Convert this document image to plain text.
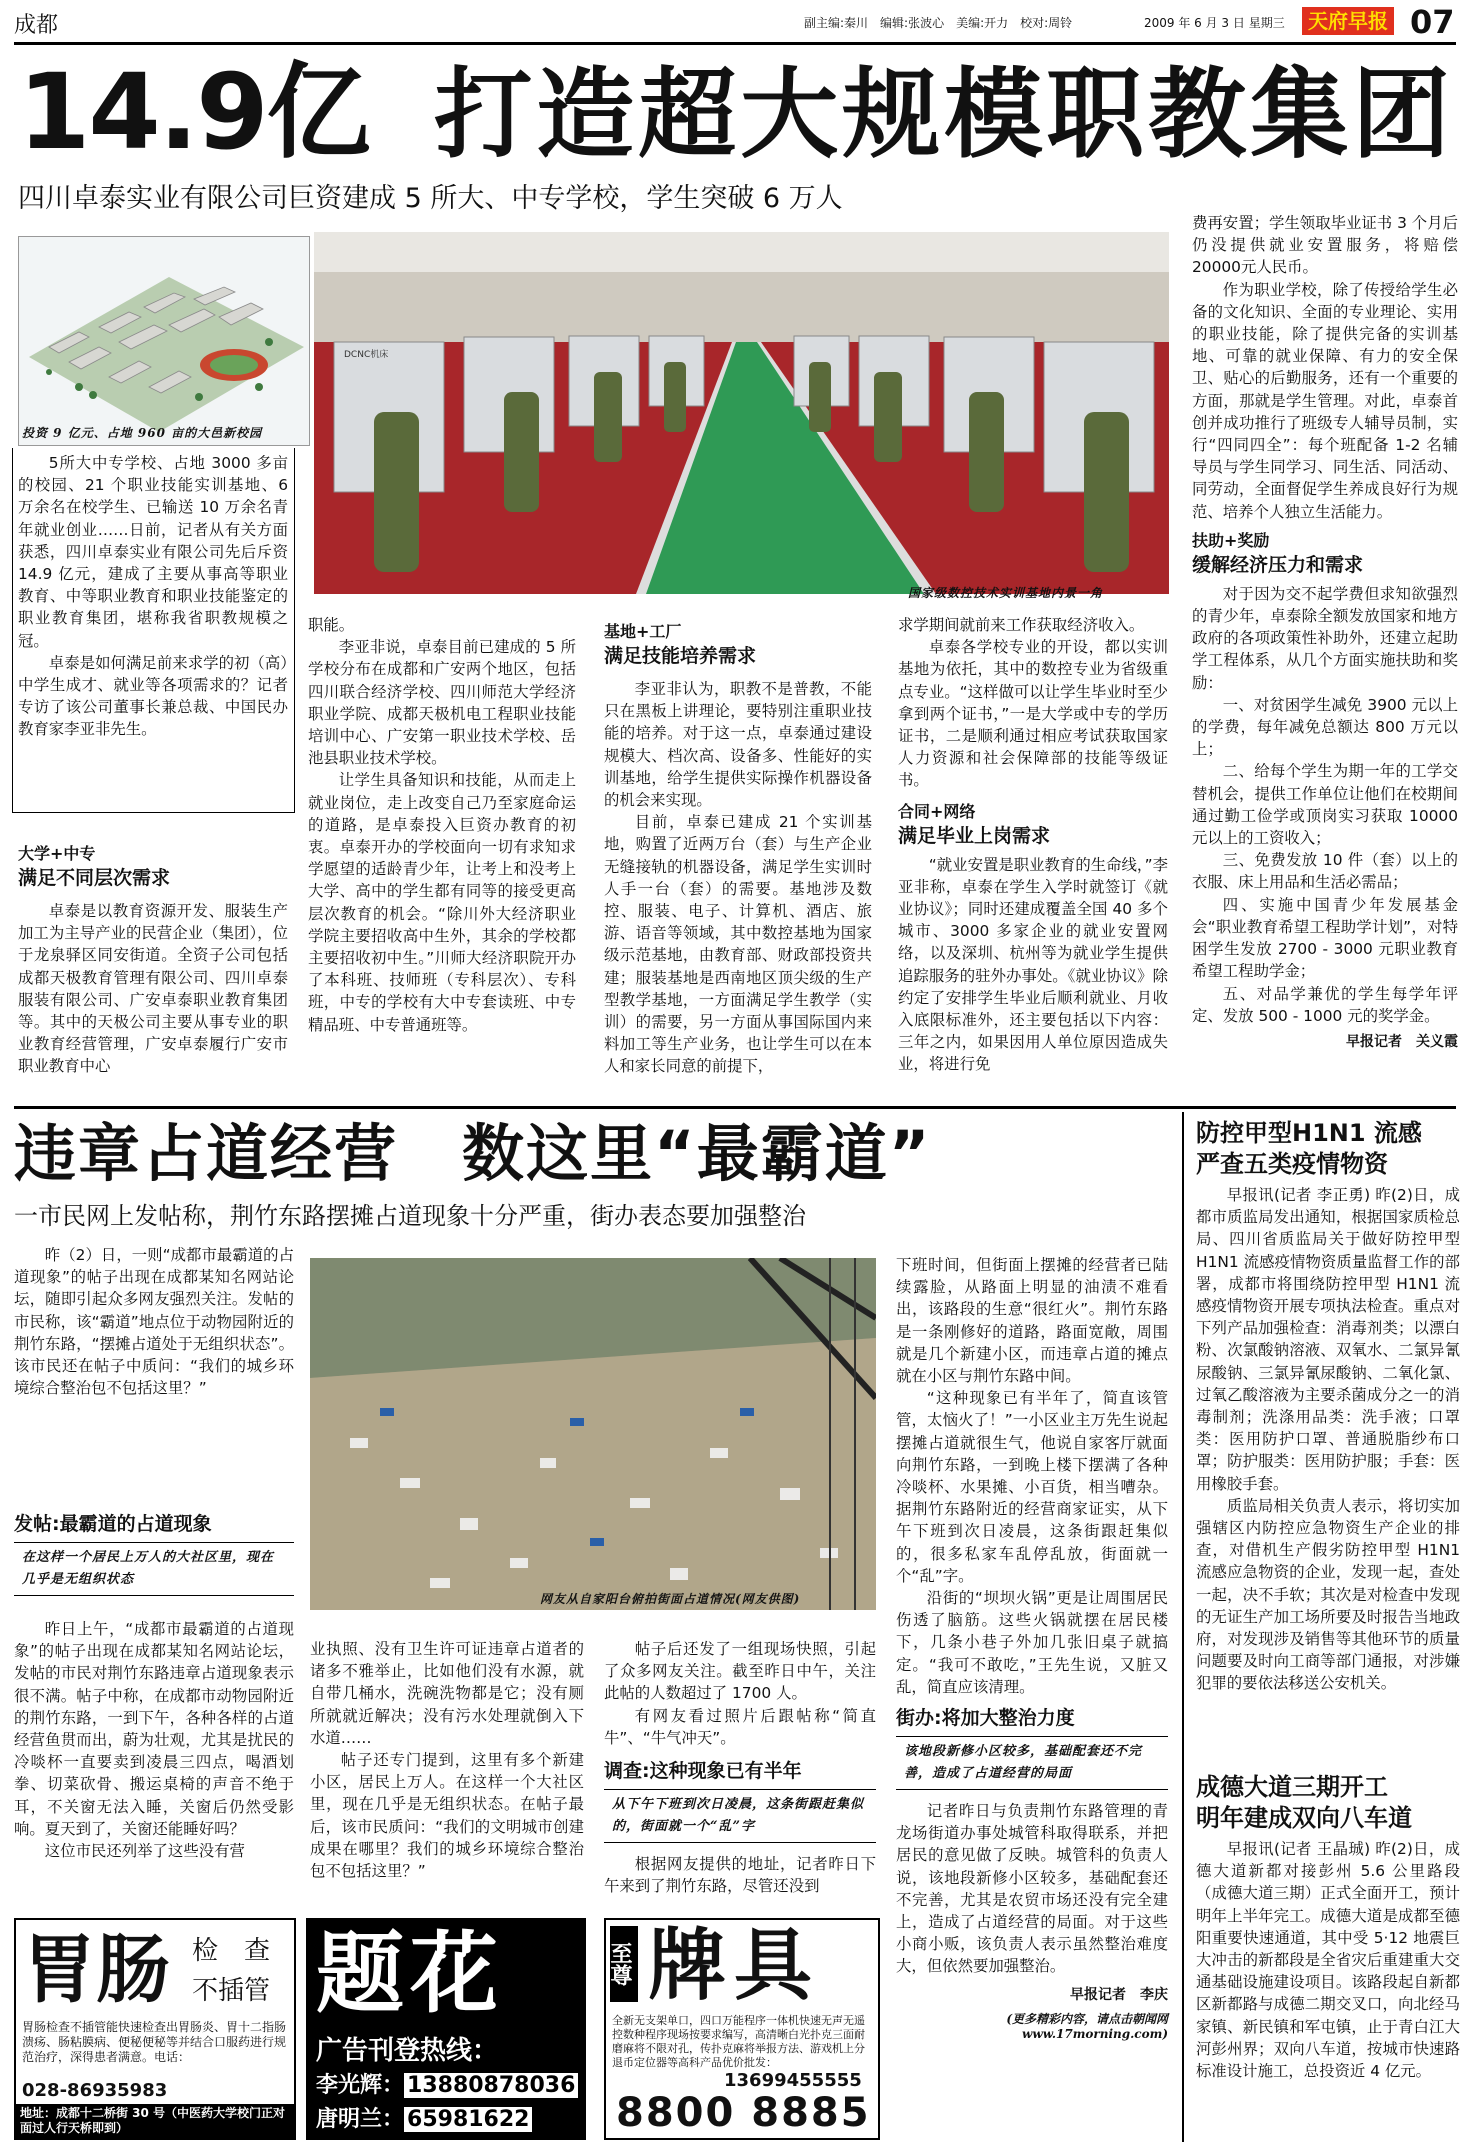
成都	副主编:秦川　编辑:张波心　美编:开力　校对:周铃	2009 年 6 月 3 日 星期三	天府早报 07
14.9亿 打造超大规模职教集团
四川卓泰实业有限公司巨资建成 5 所大、中专学校，学生突破 6 万人
投资 9 亿元、占地 960 亩的大邑新校园
DCNC机床
国家级数控技术实训基地内景一角
5所大中专学校、占地 3000 多亩的校园、21 个职业技能实训基地、6 万余名在校学生、已输送 10 万余名青年就业创业……日前，记者从有关方面获悉，四川卓泰实业有限公司先后斥资 14.9 亿元，建成了主要从事高等职业教育、中等职业教育和职业技能鉴定的职业教育集团，堪称我省职教规模之冠。
卓泰是如何满足前来求学的初（高）中学生成才、就业等各项需求的？记者专访了该公司董事长兼总裁、中国民办教育家李亚非先生。
大学+中专
满足不同层次需求
卓泰是以教育资源开发、服装生产加工为主导产业的民营企业（集团），位于龙泉驿区同安街道。全资子公司包括成都天极教育管理有限公司、四川卓泰服装有限公司、广安卓泰职业教育集团等。其中的天极公司主要从事专业的职业教育经营管理，广安卓泰履行广安市职业教育中心
职能。
李亚非说，卓泰目前已建成的 5 所学校分布在成都和广安两个地区，包括四川联合经济学校、四川师范大学经济职业学院、成都天极机电工程职业技能培训中心、广安第一职业技术学校、岳池县职业技术学校。
让学生具备知识和技能，从而走上就业岗位，走上改变自己乃至家庭命运的道路，是卓泰投入巨资办教育的初衷。卓泰开办的学校面向一切有求知求学愿望的适龄青少年，让考上和没考上大学、高中的学生都有同等的接受更高层次教育的机会。“除川外大经济职业学院主要招收高中生外，其余的学校都主要招收初中生。”川师大经济职院开办了本科班、技师班（专科层次）、专科班，中专的学校有大中专套读班、中专精品班、中专普通班等。
基地+工厂
满足技能培养需求
李亚非认为，职教不是普教，不能只在黑板上讲理论，要特别注重职业技能的培养。对于这一点，卓泰通过建设规模大、档次高、设备多、性能好的实训基地，给学生提供实际操作机器设备的机会来实现。
目前，卓泰已建成 21 个实训基地，购置了近两万台（套）与生产企业无缝接轨的机器设备，满足学生实训时人手一台（套）的需要。基地涉及数控、服装、电子、计算机、酒店、旅游、语音等领域，其中数控基地为国家级示范基地，由教育部、财政部投资共建；服装基地是西南地区顶尖级的生产型教学基地，一方面满足学生教学（实训）的需要，另一方面从事国际国内来料加工等生产业务，也让学生可以在本人和家长同意的前提下，
求学期间就前来工作获取经济收入。
卓泰各学校专业的开设，都以实训基地为依托，其中的数控专业为省级重点专业。“这样做可以让学生毕业时至少拿到两个证书，”一是大学或中专的学历证书，二是顺利通过相应考试获取国家人力资源和社会保障部的技能等级证书。
合同+网络
满足毕业上岗需求
“就业安置是职业教育的生命线，”李亚非称，卓泰在学生入学时就签订《就业协议》；同时还建成覆盖全国 40 多个城市、3000 多家企业的就业安置网络，以及深圳、杭州等为就业学生提供追踪服务的驻外办事处。《就业协议》除约定了安排学生毕业后顺利就业、月收入底限标准外，还主要包括以下内容：三年之内，如果因用人单位原因造成失业，将进行免
费再安置；学生领取毕业证书 3 个月后仍没提供就业安置服务，将赔偿 20000元人民币。
作为职业学校，除了传授给学生必备的文化知识、全面的专业理论、实用的职业技能，除了提供完备的实训基地、可靠的就业保障、有力的安全保卫、贴心的后勤服务，还有一个重要的方面，那就是学生管理。对此，卓泰首创并成功推行了班级专人辅导员制，实行“四同四全”：每个班配备 1-2 名辅导员与学生同学习、同生活、同活动、同劳动，全面督促学生养成良好行为规范、培养个人独立生活能力。
扶助+奖励
缓解经济压力和需求
对于因为交不起学费但求知欲强烈的青少年，卓泰除全额发放国家和地方政府的各项政策性补助外，还建立起助学工程体系，从几个方面实施扶助和奖励：
一、对贫困学生减免 3900 元以上的学费，每年减免总额达 800 万元以上；
二、给每个学生为期一年的工学交替机会，提供工作单位让他们在校期间通过勤工俭学或顶岗实习获取 10000 元以上的工资收入；
三、免费发放 10 件（套）以上的衣服、床上用品和生活必需品；
四、实施中国青少年发展基金会“职业教育希望工程助学计划”，对特困学生发放 2700 - 3000 元职业教育希望工程助学金；
五、对品学兼优的学生每学年评定、发放 500 - 1000 元的奖学金。
早报记者　关义霞
违章占道经营　数这里“最霸道”
一市民网上发帖称，荆竹东路摆摊占道现象十分严重，街办表态要加强整治
昨（2）日，一则“成都市最霸道的占道现象”的帖子出现在成都某知名网站论坛，随即引起众多网友强烈关注。发帖的市民称，该“霸道”地点位于动物园附近的荆竹东路，“摆摊占道处于无组织状态”。该市民还在帖子中质问：“我们的城乡环境综合整治包不包括这里？”
发帖:最霸道的占道现象
在这样一个居民上万人的大社区里，现在几乎是无组织状态
昨日上午，“成都市最霸道的占道现象”的帖子出现在成都某知名网站论坛，发帖的市民对荆竹东路违章占道现象表示很不满。帖子中称，在成都市动物园附近的荆竹东路，一到下午，各种各样的占道经营鱼贯而出，蔚为壮观，尤其是扰民的冷啖杯一直要卖到凌晨三四点，喝酒划拳、切菜砍骨、搬运桌椅的声音不绝于耳，不关窗无法入睡，关窗后仍然受影响。夏天到了，关窗还能睡好吗？
这位市民还列举了这些没有营
网友从自家阳台俯拍街面占道情况(网友供图)
业执照、没有卫生许可证违章占道者的诸多不雅举止，比如他们没有水源，就自带几桶水，洗碗洗物都是它；没有厕所就就近解决；没有污水处理就倒入下水道……
帖子还专门提到，这里有多个新建小区，居民上万人。在这样一个大社区里，现在几乎是无组织状态。在帖子最后，该市民质问：“我们的文明城市创建成果在哪里？我们的城乡环境综合整治包不包括这里？”
帖子后还发了一组现场快照，引起了众多网友关注。截至昨日中午，关注此帖的人数超过了 1700 人。
有网友看过照片后跟帖称“简直牛”、“牛气冲天”。
调查:这种现象已有半年
从下午下班到次日凌晨，这条街跟赶集似的，街面就一个“乱”字
根据网友提供的地址，记者昨日下午来到了荆竹东路，尽管还没到
下班时间，但街面上摆摊的经营者已陆续露脸，从路面上明显的油渍不难看出，该路段的生意“很红火”。荆竹东路是一条刚修好的道路，路面宽敞，周围就是几个新建小区，而违章占道的摊点就在小区与荆竹东路中间。
“这种现象已有半年了，简直该管管，太恼火了！”一小区业主万先生说起摆摊占道就很生气，他说自家客厅就面向荆竹东路，一到晚上楼下摆满了各种冷啖杯、水果摊、小百货，相当嘈杂。据荆竹东路附近的经营商家证实，从下午下班到次日凌晨，这条街跟赶集似的，很多私家车乱停乱放，街面就一个“乱”字。
沿街的“坝坝火锅”更是让周围居民伤透了脑筋。这些火锅就摆在居民楼下，几条小巷子外加几张旧桌子就搞定。“我可不敢吃，”王先生说，又脏又乱，简直应该清理。
街办:将加大整治力度
该地段新修小区较多，基础配套还不完善，造成了占道经营的局面
记者昨日与负责荆竹东路管理的青龙场街道办事处城管科取得联系，并把居民的意见做了反映。城管科的负责人说，该地段新修小区较多，基础配套还不完善，尤其是农贸市场还没有完全建上，造成了占道经营的局面。对于这些小商小贩，该负责人表示虽然整治难度大，但依然要加强整治。
早报记者　李庆
(更多精彩内容，请点击朝闻网www.17morning.com)
防控甲型H1N1 流感
严查五类疫情物资
早报讯(记者 李正勇) 昨(2)日，成都市质监局发出通知，根据国家质检总局、四川省质监局关于做好防控甲型 H1N1 流感疫情物资质量监督工作的部署，成都市将围绕防控甲型 H1N1 流感疫情物资开展专项执法检查。重点对下列产品加强检查：消毒剂类；以漂白粉、次氯酸钠溶液、双氧水、二氯异氰尿酸钠、三氯异氰尿酸钠、二氧化氯、过氧乙酸溶液为主要杀菌成分之一的消毒制剂；洗涤用品类：洗手液；口罩类：医用防护口罩、普通脱脂纱布口罩；防护服类：医用防护服；手套：医用橡胶手套。
质监局相关负责人表示，将切实加强辖区内防控应急物资生产企业的排查，对借机生产假劣防控甲型 H1N1 流感应急物资的企业，发现一起，查处一起，决不手软；其次是对检查中发现的无证生产加工场所要及时报告当地政府，对发现涉及销售等其他环节的质量问题要及时向工商等部门通报，对涉嫌犯罪的要依法移送公安机关。
成德大道三期开工
明年建成双向八车道
早报讯(记者 王晶珹) 昨(2)日，成德大道新都对接彭州 5.6 公里路段（成德大道三期）正式全面开工，预计明年上半年完工。成德大道是成都至德阳重要快速通道，其中受 5·12 地震巨大冲击的新都段是全省灾后重建重大交通基础设施建设项目。该路段起自新都区新都路与成德二期交叉口，向北经马家镇、新民镇和军屯镇，止于青白江大河彭州界；双向八车道，按城市快速路标准设计施工，总投资近 4 亿元。
胃肠 检　查
不插管
胃肠检查不插管能快速检查出胃肠炎、胃十二指肠溃疡、肠粘膜病、便秘便秘等并结合口服药进行规范治疗，深得患者满意。电话：
028-86935983
地址：成都十二桥街 30 号（中医药大学校门正对面过人行天桥即到）
题花
广告刊登热线：
李光辉： 13880878036
唐明兰： 65981622
至尊 牌具
全新无支架单口，四口万能程序一体机快速无声无遥控数种程序现场按要求编写，高清晰白光扑克三面耐磨麻将不限对孔，传扑克麻将举报方法、游戏机上分退币定位器等高科产品优价批发：
13699455555
8800 8885
